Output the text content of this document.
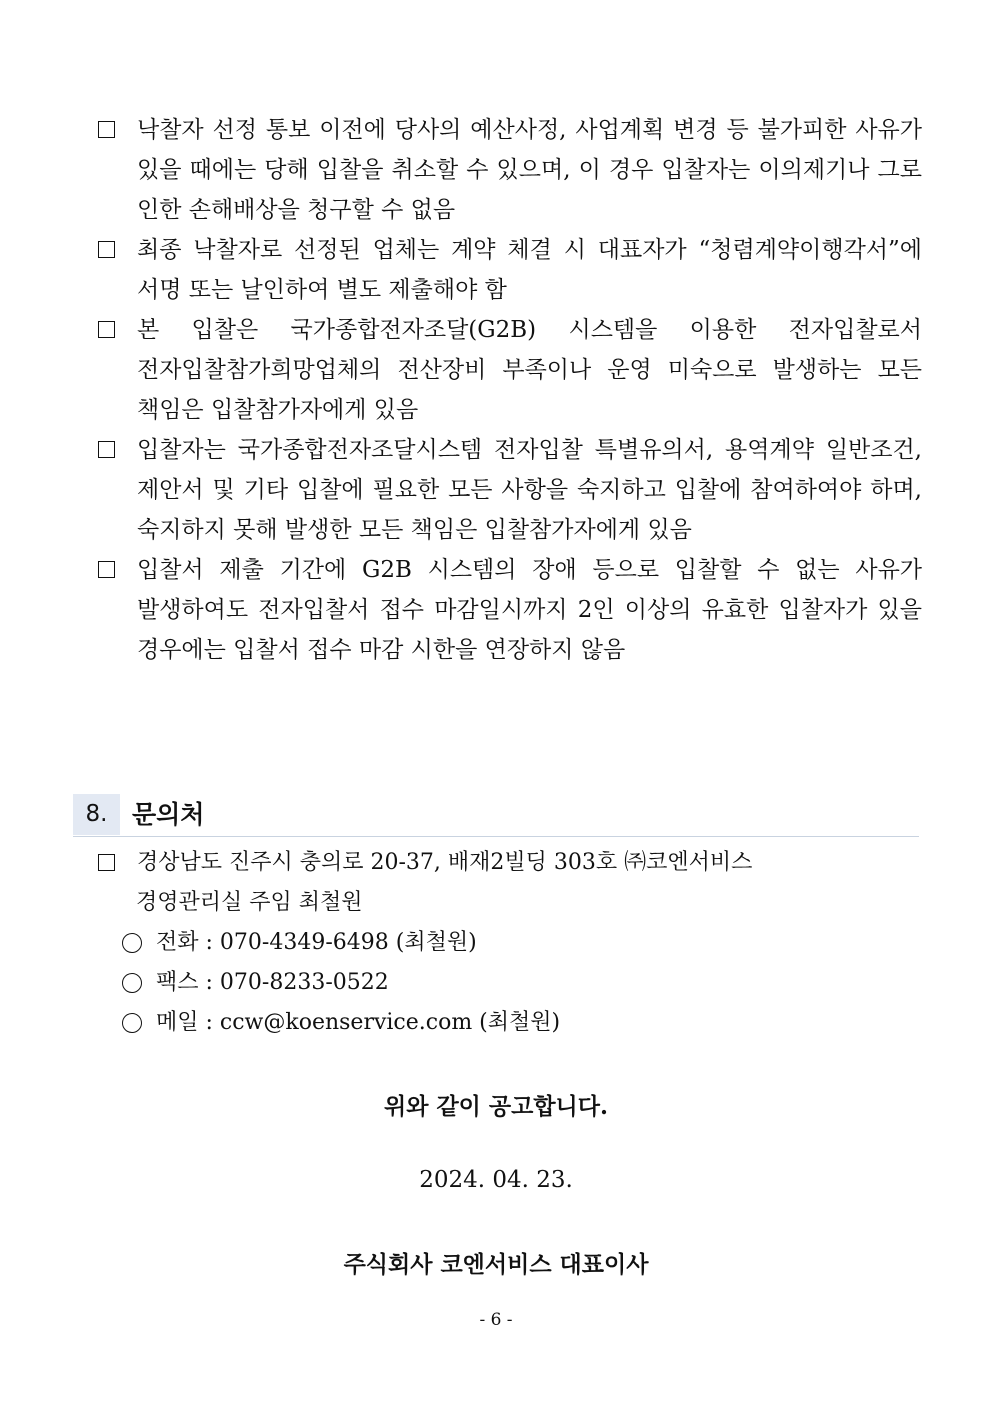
낙찰자 선정 통보 이전에 당사의 예산사정, 사업계획 변경 등 불가피한 사유가 있을 때에는 당해 입찰을 취소할 수 있으며, 이 경우 입찰자는 이의제기나 그로 인한 손해배상을 청구할 수 없음
최종 낙찰자로 선정된 업체는 계약 체결 시 대표자가 “청렴계약이행각서”에 서명 또는 날인하여 별도 제출해야 함
본 입찰은 국가종합전자조달(G2B) 시스템을 이용한 전자입찰로서 전자입찰참가희망업체의 전산장비 부족이나 운영 미숙으로 발생하는 모든 책임은 입찰참가자에게 있음
입찰자는 국가종합전자조달시스템 전자입찰 특별유의서, 용역계약 일반조건, 제안서 및 기타 입찰에 필요한 모든 사항을 숙지하고 입찰에 참여하여야 하며, 숙지하지 못해 발생한 모든 책임은 입찰참가자에게 있음
입찰서 제출 기간에 G2B 시스템의 장애 등으로 입찰할 수 없는 사유가 발생하여도 전자입찰서 접수 마감일시까지 2인 이상의 유효한 입찰자가 있을 경우에는 입찰서 접수 마감 시한을 연장하지 않음
8. 문의처
경상남도 진주시 충의로 20-37, 배재2빌딩 303호 ㈜코엔서비스
경영관리실 주임 최철원
전화 : 070-4349-6498 (최철원)
팩스 : 070-8233-0522
메일 : ccw@koenservice.com (최철원)
위와 같이 공고합니다.
2024. 04. 23.
주식회사 코엔서비스 대표이사
- 6 -
